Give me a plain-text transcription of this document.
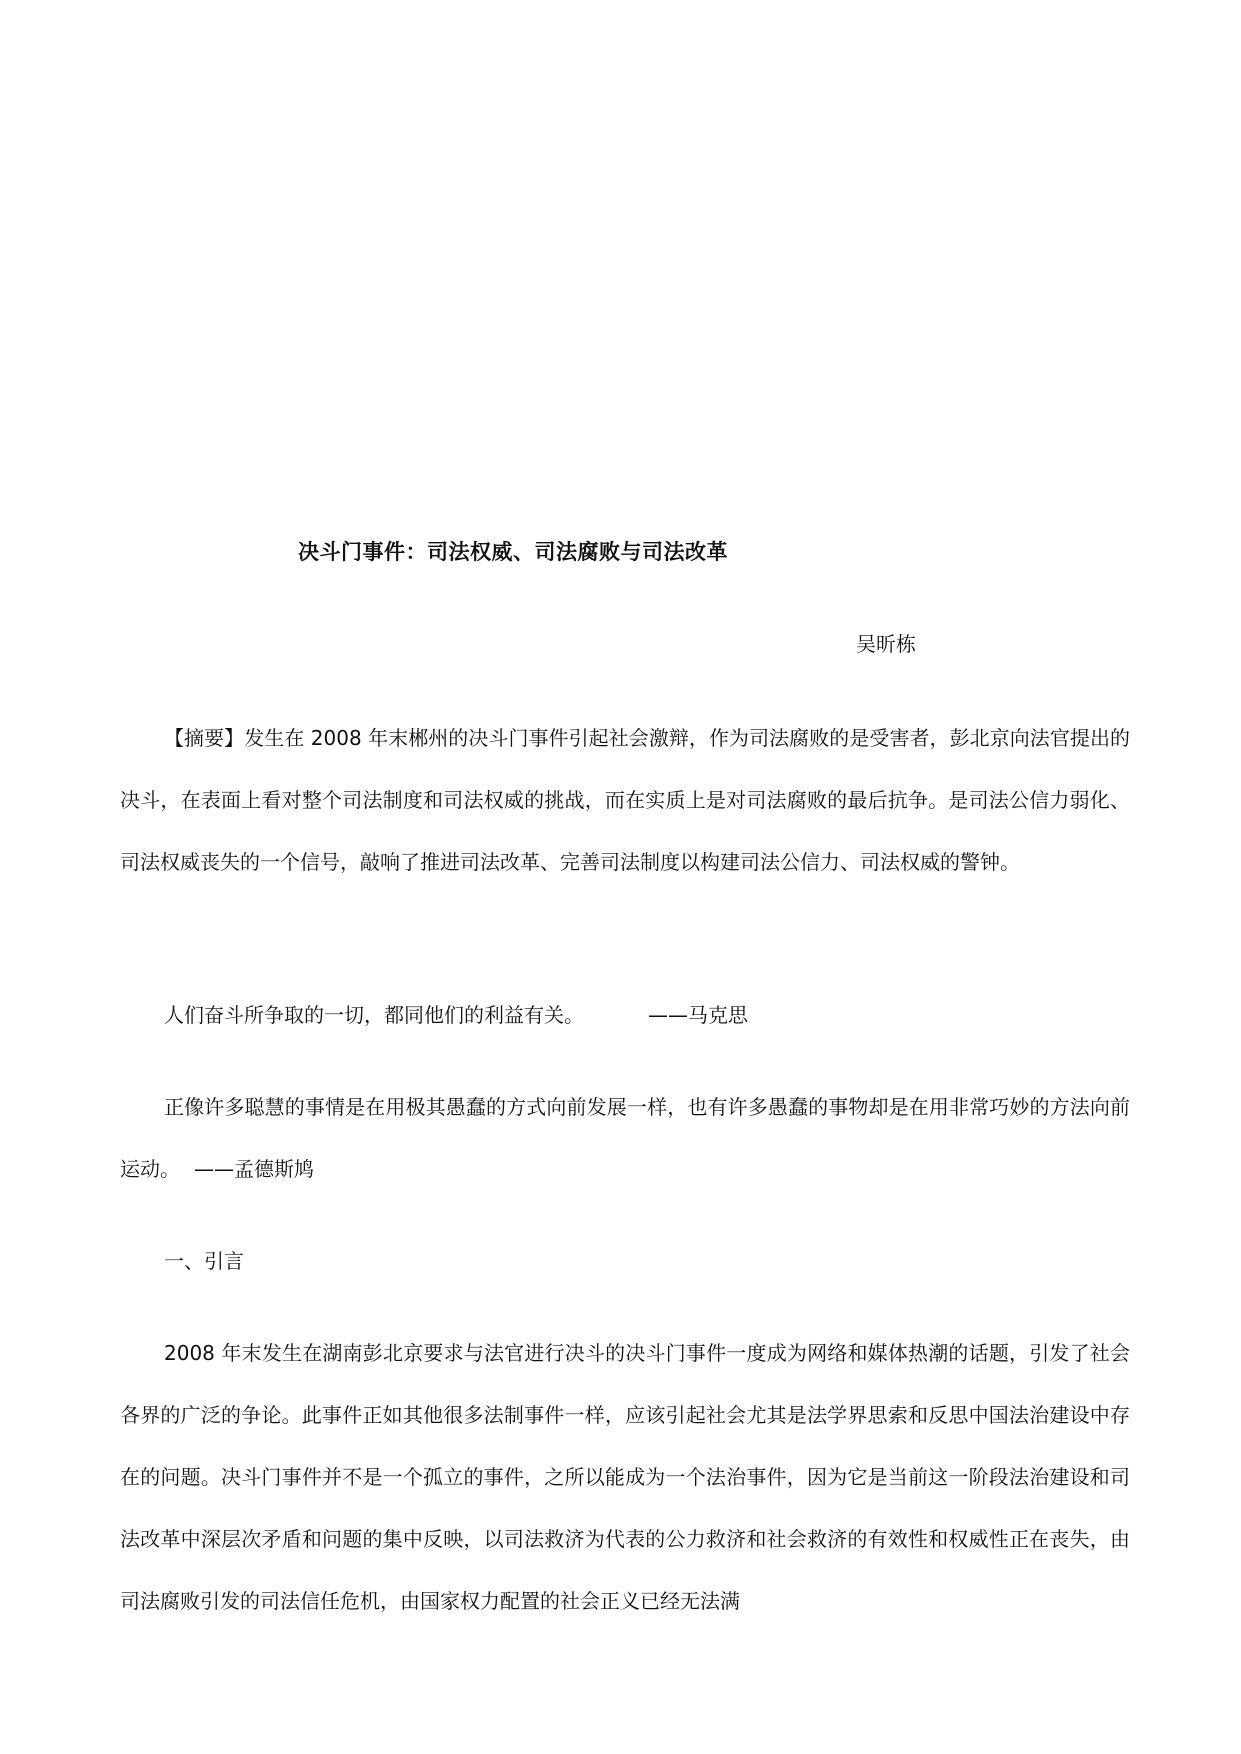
决斗门事件：司法权威、司法腐败与司法改革
吴昕栋

【摘要】发生在 2008 年末郴州的决斗门事件引起社会激辩，作为司法腐败的是受害者，彭北京向法官提出的决斗，在表面上看对整个司法制度和司法权威的挑战，而在实质上是对司法腐败的最后抗争。是司法公信力弱化、司法权威丧失的一个信号，敲响了推进司法改革、完善司法制度以构建司法公信力、司法权威的警钟。

人们奋斗所争取的一切，都同他们的利益有关。	——马克思

正像许多聪慧的事情是在用极其愚蠢的方式向前发展一样，也有许多愚蠢的事物却是在用非常巧妙的方法向前运动。 ——孟德斯鸠

一、引言

2008 年末发生在湖南彭北京要求与法官进行决斗的决斗门事件一度成为网络和媒体热潮的话题，引发了社会各界的广泛的争论。此事件正如其他很多法制事件一样，应该引起社会尤其是法学界思索和反思中国法治建设中存在的问题。决斗门事件并不是一个孤立的事件，之所以能成为一个法治事件，因为它是当前这一阶段法治建设和司法改革中深层次矛盾和问题的集中反映，以司法救济为代表的公力救济和社会救济的有效性和权威性正在丧失，由司法腐败引发的司法信任危机，由国家权力配置的社会正义已经无法满
